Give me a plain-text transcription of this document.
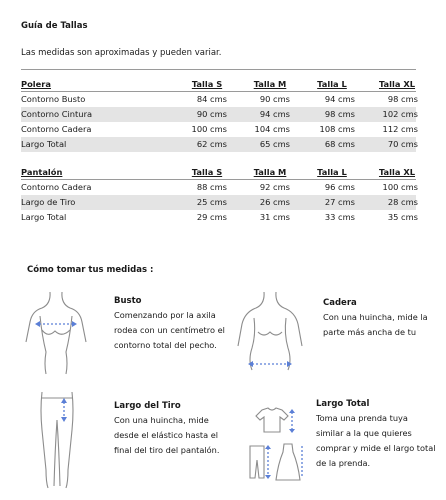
Guía de Tallas
Las medidas son aproximadas y pueden variar.
Polera	Talla S	Talla M	Talla L	Talla XL
Contorno Busto	84 cms	90 cms	94 cms	98 cms
Contorno Cintura	90 cms	94 cms	98 cms	102 cms
Contorno Cadera	100 cms	104 cms	108 cms	112 cms
Largo Total	62 cms	65 cms	68 cms	70 cms
Pantalón	Talla S	Talla M	Talla L	Talla XL
Contorno Cadera	88 cms	92 cms	96 cms	100 cms
Largo de Tiro	25 cms	26 cms	27 cms	28 cms
Largo Total	29 cms	31 cms	33 cms	35 cms
Cómo tomar tus medidas :
Busto
Comenzando por la axila
rodea con un centímetro el
contorno total del pecho.
Cadera
Con una huincha, mide la
parte más ancha de tu
Largo del Tiro
Con una huincha, mide
desde el elástico hasta el
final del tiro del pantalón.
Largo Total
Toma una prenda tuya
similar a la que quieres
comprar y mide el largo total
de la prenda.
